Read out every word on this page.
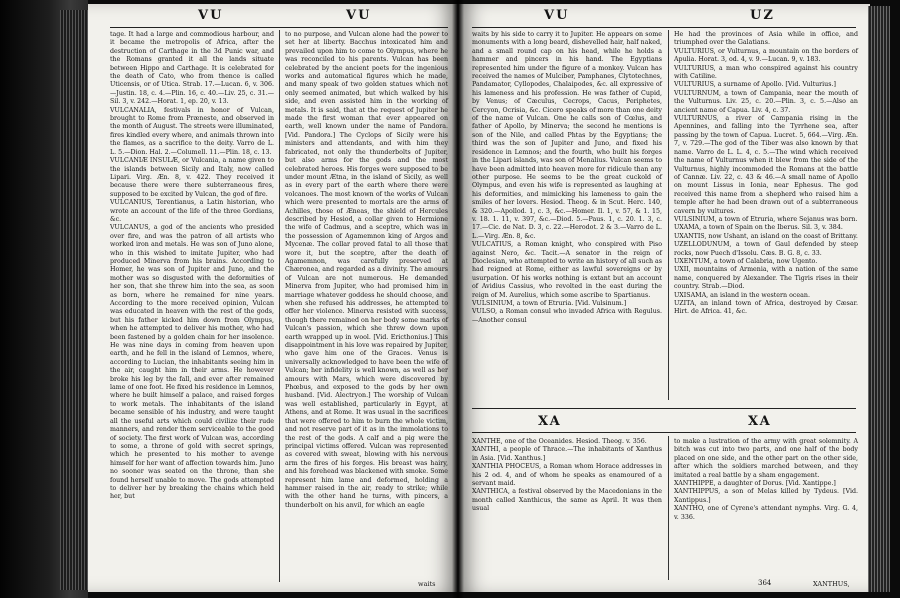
VU	VU

tage. It had a large and commodious harbour, and it became the metropolis of Africa, after the destruction of Carthage in the 3d Punic war, and the Romans granted it all the lands situate between Hippo and Carthage. It is celebrated for the death of Cato, who from thence is called Uticensis, or of Utica. Strab. 17.—Lucan. 6, v. 306.—Justin. 18, c. 4.—Plin. 16, c. 40.—Liv. 25, c. 31.—Sil. 3, v. 242.—Horat. 1, ep. 20, v. 13.

VULCANALIA, festivals in honor of Vulcan, brought to Rome from Præneste, and observed in the month of August. The streets were illuminated, fires kindled every where, and animals thrown into the flames, as a sacrifice to the deity. Varro de L. L. 5.—Dion. Hal. 2.—Columell. 11.—Plin. 18, c. 13.

VULCANIÆ INSULÆ, or Vulcania, a name given to the islands between Sicily and Italy, now called Lipari. Virg. Æn. 8, v. 422. They received it because there were there subterraneous fires, supposed to be excited by Vulcan, the god of fire.

VULCANIUS, Terentianus, a Latin historian, who wrote an account of the life of the three Gordians, &c.

VULCANUS, a god of the ancients who presided over fire, and was the patron of all artists who worked iron and metals. He was son of Juno alone, who in this wished to imitate Jupiter, who had produced Minerva from his brains. According to Homer, he was son of Jupiter and Juno, and the mother was so disgusted with the deformities of her son, that she threw him into the sea, as soon as born, where he remained for nine years. According to the more received opinion, Vulcan was educated in heaven with the rest of the gods, but his father kicked him down from Olympus, when he attempted to deliver his mother, who had been fastened by a golden chain for her insolence. He was nine days in coming from heaven upon earth, and he fell in the island of Lemnos, where, according to Lucian, the inhabitants seeing him in the air, caught him in their arms. He however broke his leg by the fall, and ever after remained lame of one foot. He fixed his residence in Lemnos, where he built himself a palace, and raised forges to work metals. The inhabitants of the island became sensible of his industry, and were taught all the useful arts which could civilize their rude manners, and render them serviceable to the good of society. The first work of Vulcan was, according to some, a throne of gold with secret springs, which he presented to his mother to avenge himself for her want of affection towards him. Juno no sooner was seated on the throne, than she found herself unable to move. The gods attempted to deliver her by breaking the chains which held her, but

to no purpose, and Vulcan alone had the power to set her at liberty. Bacchus intoxicated him and prevailed upon him to come to Olympus, where he was reconciled to his parents. Vulcan has been celebrated by the ancient poets for the ingenious works and automatical figures which he made, and many speak of two golden statues which not only seemed animated, but which walked by his side, and even assisted him in the working of metals. It is said, that at the request of Jupiter he made the first woman that ever appeared on earth, well known under the name of Pandora. [Vid. Pandora.] The Cyclops of Sicily were his ministers and attendants, and with him they fabricated, not only the thunderbolts of Jupiter, but also arms for the gods and the most celebrated heroes. His forges were supposed to be under mount Ætna, in the island of Sicily, as well as in every part of the earth where there were volcanoes. The most known of the works of Vulcan which were presented to mortals are the arms of Achilles, those of Æneas, the shield of Hercules described by Hesiod, a collar given to Hermione the wife of Cadmus, and a sceptre, which was in the possession of Agamemnon king of Argos and Mycenæ. The collar proved fatal to all those that wore it, but the sceptre, after the death of Agamemnon, was carefully preserved at Chæronea, and regarded as a divinity. The amours of Vulcan are not numerous. He demanded Minerva from Jupiter, who had promised him in marriage whatever goddess he should choose, and when she refused his addresses, he attempted to offer her violence. Minerva resisted with success, though there remained on her body some marks of Vulcan's passion, which she threw down upon earth wrapped up in wool. [Vid. Ericthonius.] This disappointment in his love was repaired by Jupiter, who gave him one of the Graces. Venus is universally acknowledged to have been the wife of Vulcan; her infidelity is well known, as well as her amours with Mars, which were discovered by Phœbus, and exposed to the gods by her own husband. [Vid. Alectryon.] The worship of Vulcan was well established, particularly in Egypt, at Athens, and at Rome. It was usual in the sacrifices that were offered to him to burn the whole victim, and not reserve part of it as in the immolations to the rest of the gods. A calf and a pig were the principal victims offered. Vulcan was represented as covered with sweat, blowing with his nervous arm the fires of his forges. His breast was hairy, and his forehead was blackened with smoke. Some represent him lame and deformed, holding a hammer raised in the air, ready to strike; while with the other hand he turns, with pincers, a thunderbolt on his anvil, for which an eagle

waits
VU	UZ

waits by his side to carry it to Jupiter. He appears on some monuments with a long beard, dishevelled hair, half naked, and a small round cap on his head, while he holds a hammer and pincers in his hand. The Egyptians represented him under the figure of a monkey. Vulcan has received the names of Mulciber, Pamphanes, Clytotechnes, Pandamator, Cyllopodes, Chalaipodes, &c. all expressive of his lameness and his profession. He was father of Cupid, by Venus; of Cæculus, Cecrops, Cacus, Periphetes, Cercyon, Ocrisia, &c. Cicero speaks of more than one deity of the name of Vulcan. One he calls son of Cœlus, and father of Apollo, by Minerva; the second he mentions is son of the Nile, and called Phtas by the Egyptians; the third was the son of Jupiter and Juno, and fixed his residence in Lemnos; and the fourth, who built his forges in the Lipari islands, was son of Menalius. Vulcan seems to have been admitted into heaven more for ridicule than any other purpose. He seems to be the great cuckold of Olympus, and even his wife is represented as laughing at his deformities, and mimicking his lameness to gain the smiles of her lovers. Hesiod. Theog. & in Scut. Herc. 140, & 320.—Apollod. 1, c. 3, &c.—Homer. Il. 1, v. 57, & 1. 15, v. 18. 1. 11, v. 397, &c.—Diod. 5.—Paus. 1, c. 20. 1. 3, c. 17.—Cic. de Nat. D. 3, c. 22.—Herodot. 2 & 3.—Varro de L. L.—Virg. Æn. 8, &c.

VULCATIUS, a Roman knight, who conspired with Piso against Nero, &c. Tacit.—A senator in the reign of Dioclesian, who attempted to write an history of all such as had reigned at Rome, either as lawful sovereigns or by usurpation. Of his works nothing is extant but an account of Avidius Cassius, who revolted in the east during the reign of M. Aurelius, which some ascribe to Spartianus.

VULSINIUM, a town of Etruria. [Vid. Vulsinum.]

VULSO, a Roman consul who invaded Africa with Regulus.—Another consul

He had the provinces of Asia while in office, and triumphed over the Galatians.

VULTURIUS, or Vulturnus, a mountain on the borders of Apulia. Horat. 3, od. 4, v. 9.—Lucan. 9, v. 183.

VULTURIUS, a man who conspired against his country with Catiline.

VULTURIUS, a surname of Apollo. [Vid. Vulturius.]

VULTURNUM, a town of Campania, near the mouth of the Vulturnus. Liv. 25, c. 20.—Plin. 3, c. 5.—Also an ancient name of Capua. Liv. 4, c. 37.

VULTURNUS, a river of Campania rising in the Apennines, and falling into the Tyrrhene sea, after passing by the town of Capua. Lucret. 5, 664.—Virg. Æn. 7, v. 729.—The god of the Tiber was also known by that name. Varro de L. L. 4, c. 5.—The wind which received the name of Vulturnus when it blew from the side of the Vulturnus, highly incommoded the Romans at the battle of Cannæ. Liv. 22, c. 43 & 46.—A small name of Apollo on mount Lissus in Ionia, near Ephesus. The god received this name from a shepherd who raised him a temple after he had been drawn out of a subterraneous cavern by vultures.

VULSINIUM, a town of Etruria, where Sejanus was born.

UXAMA, a town of Spain on the Iberus. Sil. 3, v. 384.

UXANTIS, now Ushant, an island on the coast of Brittany.

UZELLODUNUM, a town of Gaul defended by steep rocks, now Puech d'Issolu. Cæs. B. G. 8, c. 33.

UXENTUM, a town of Calabria, now Ugento.

UXII, mountains of Armenia, with a nation of the same name, conquered by Alexander. The Tigris rises in their country. Strab.—Diod.

UXISAMA, an island in the western ocean.

UZITA, an inland town of Africa, destroyed by Cæsar. Hirt. de Africa. 41, &c.

XA	XA

XANTHE, one of the Oceanides. Hesiod. Theog. v. 356.

XANTHI, a people of Thrace.—The inhabitants of Xanthus in Asia. [Vid. Xanthus.]

XANTHIA PHOCEUS, a Roman whom Horace addresses in his 2 od. 4, and of whom he speaks as enamoured of a servant maid.

XANTHICA, a festival observed by the Macedonians in the month called Xanthicus, the same as April. It was then usual

to make a lustration of the army with great solemnity. A bitch was cut into two parts, and one half of the body placed on one side, and the other part on the other side, after which the soldiers marched between, and they imitated a real battle by a sham engagement.

XANTHIPPE, a daughter of Dorus. [Vid. Xantippe.]

XANTHIPPUS, a son of Melas killed by Tydeus. [Vid. Xantippus.]

XANTHO, one of Cyrene's attendant nymphs. Virg. G. 4, v. 336.

364	XANTHUS,
